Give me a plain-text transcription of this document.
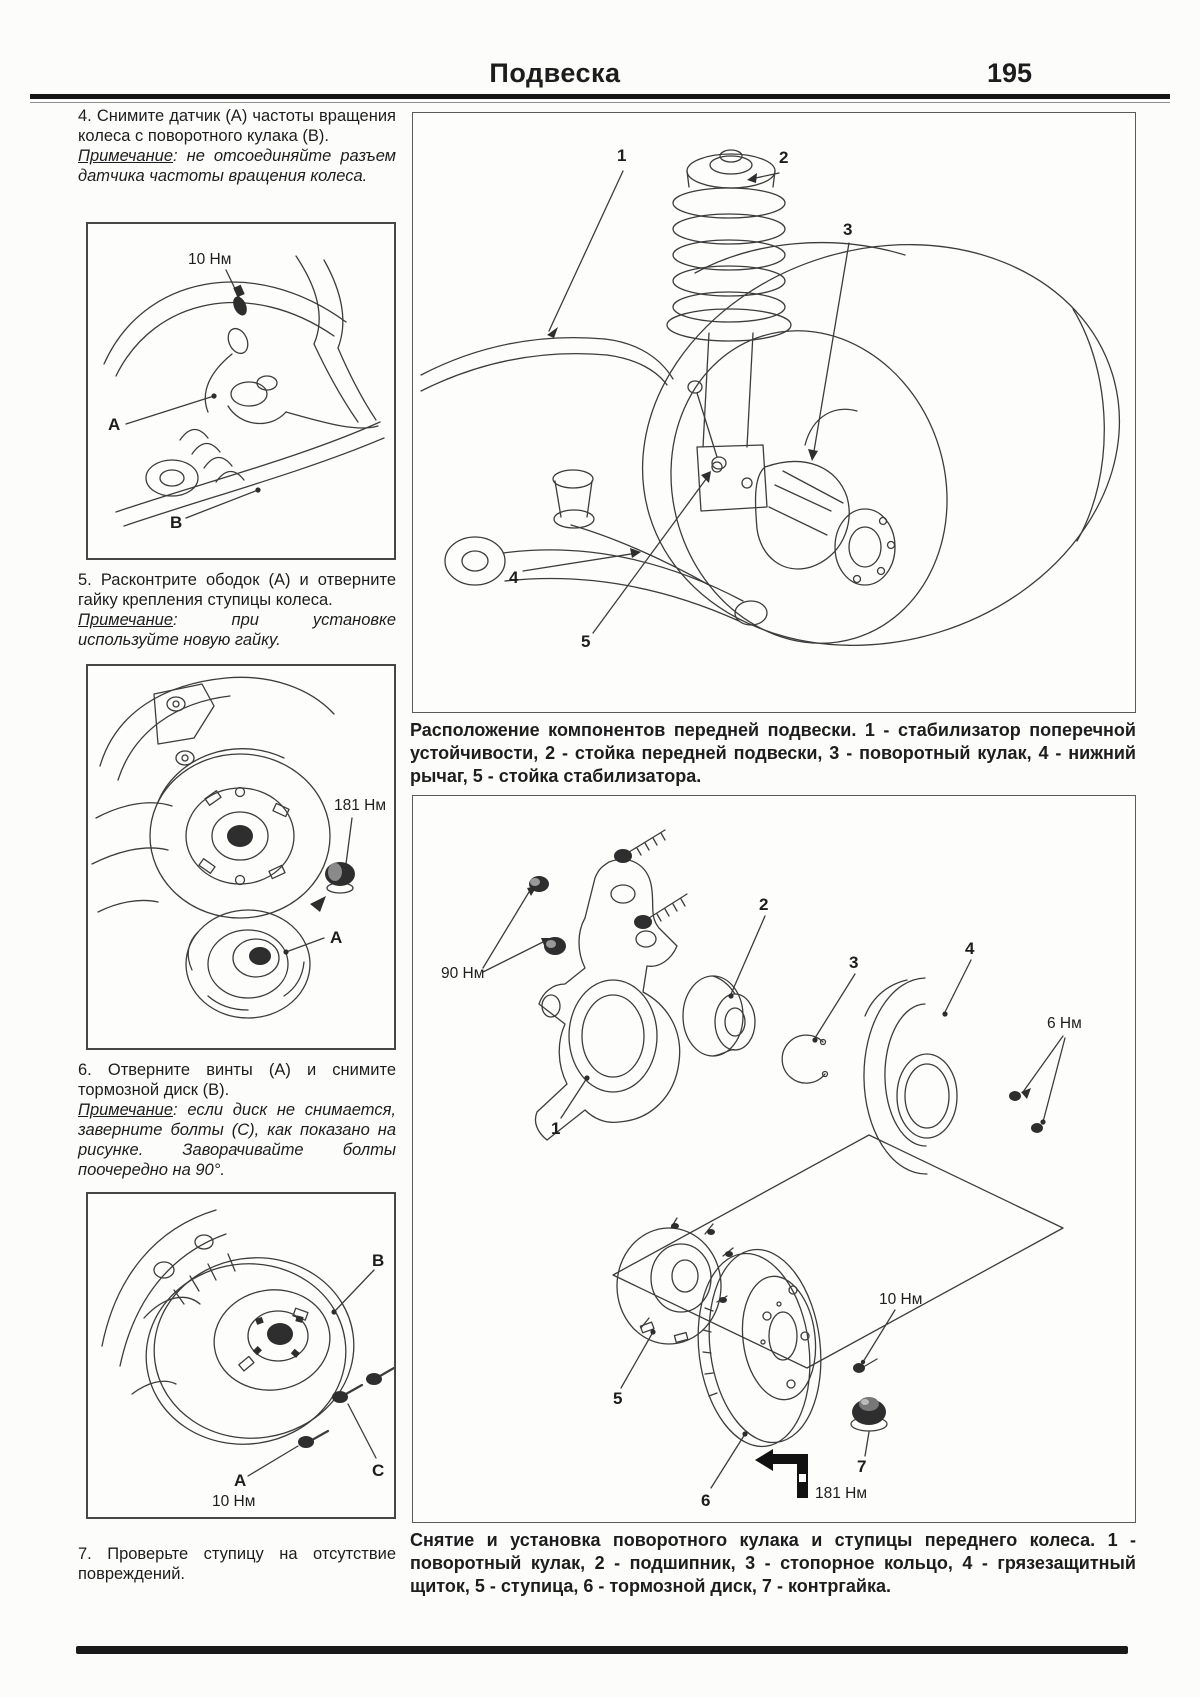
Подвеска	195
4. Снимите датчик (А) частоты вращения колеса с поворотного кулака (В).
Примечание: не отсоединяйте разъем датчика частоты вращения колеса.
10 Нм
А
В
5. Расконтрите ободок (А) и отверните гайку крепления ступицы колеса.
Примечание: при установке используйте новую гайку.
181 Нм
А
6. Отверните винты (А) и снимите тормозной диск (В).
Примечание: если диск не снимается, заверните болты (С), как показано на рисунке. Заворачивайте болты поочередно на 90°.
В
С
А
10 Нм
7. Проверьте ступицу на отсутствие повреждений.
1	2
3
4
5
Расположение компонентов передней подвески. 1 - стабилизатор поперечной устойчивости, 2 - стойка передней подвески, 3 - поворотный кулак, 4 - нижний рычаг, 5 - стойка стабилизатора.
90 Нм
6 Нм
10 Нм
181 Нм
1
2
3
4
5
6
7
Снятие и установка поворотного кулака и ступицы переднего колеса. 1 - поворотный кулак, 2 - подшипник, 3 - стопорное кольцо, 4 - грязезащитный щиток, 5 - ступица, 6 - тормозной диск, 7 - контргайка.
